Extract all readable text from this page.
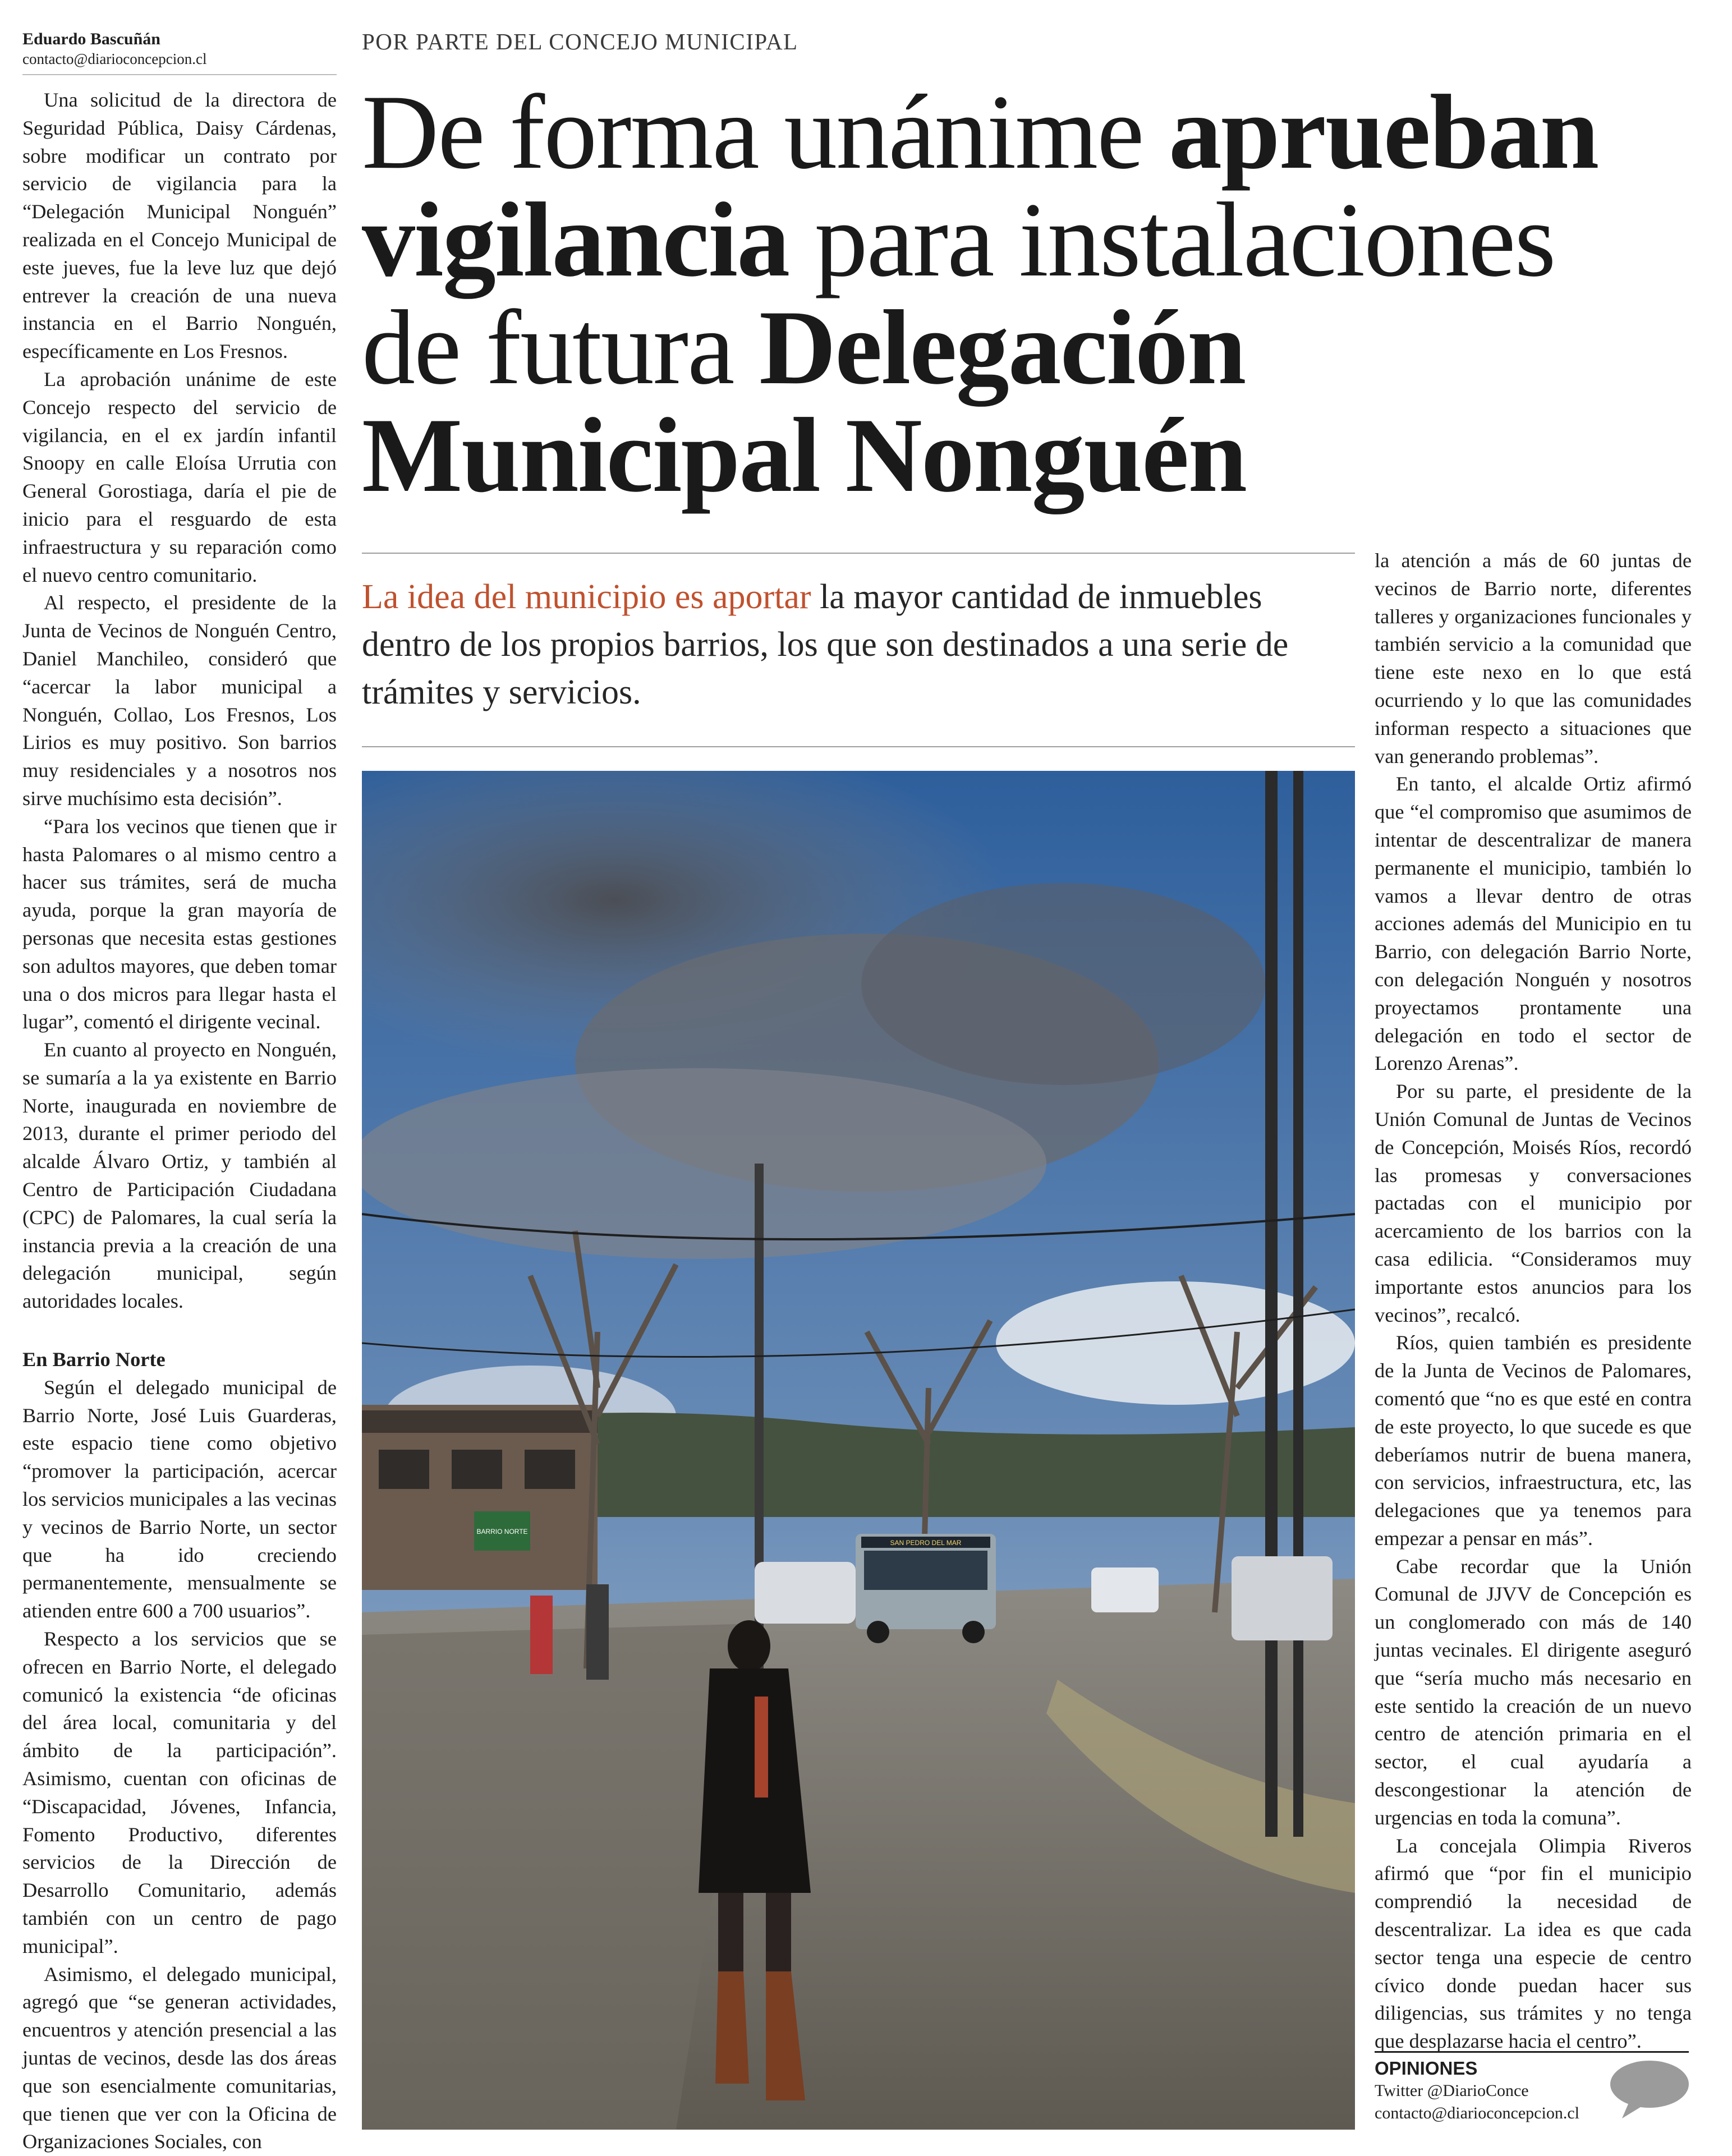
Eduardo Bascuñán

contacto@diarioconcepcion.cl

Una solicitud de la directora de Seguridad Pública, Daisy Cárdenas, sobre modificar un contrato por servicio de vigilancia para la “Delegación Municipal Nonguén” realizada en el Concejo Municipal de este jueves, fue la leve luz que dejó entrever la creación de una nueva instancia en el Barrio Nonguén, específicamente en Los Fresnos.

La aprobación unánime de este Concejo respecto del servicio de vigilancia, en el ex jardín infantil Snoopy en calle Eloísa Urrutia con General Gorostiaga, daría el pie de inicio para el resguardo de esta infraestructura y su reparación como el nuevo centro comunitario.

Al respecto, el presidente de la Junta de Vecinos de Nonguén Centro, Daniel Manchileo, consideró que “acercar la labor municipal a Nonguén, Collao, Los Fresnos, Los Lirios es muy positivo. Son barrios muy residenciales y a nosotros nos sirve muchísimo esta decisión”.

“Para los vecinos que tienen que ir hasta Palomares o al mismo centro a hacer sus trámites, será de mucha ayuda, porque la gran mayoría de personas que necesita estas gestiones son adultos mayores, que deben tomar una o dos micros para llegar hasta el lugar”, comentó el dirigente vecinal.

En cuanto al proyecto en Nonguén, se sumaría a la ya existente en Barrio Norte, inaugurada en noviembre de 2013, durante el primer periodo del alcalde Álvaro Ortiz, y también al Centro de Participación Ciudadana (CPC) de Palomares, la cual sería la instancia previa a la creación de una delegación municipal, según autoridades locales.

En Barrio Norte

Según el delegado municipal de Barrio Norte, José Luis Guarderas, este espacio tiene como objetivo “promover la participación, acercar los servicios municipales a las vecinas y vecinos de Barrio Norte, un sector que ha ido creciendo permanentemente, mensualmente se atienden entre 600 a 700 usuarios”.

Respecto a los servicios que se ofrecen en Barrio Norte, el delegado comunicó la existencia “de oficinas del área local, comunitaria y del ámbito de la participación”. Asimismo, cuentan con oficinas de “Discapacidad, Jóvenes, Infancia, Fomento Productivo, diferentes servicios de la Dirección de Desarrollo Comunitario, además también con un centro de pago municipal”.

Asimismo, el delegado municipal, agregó que “se generan actividades, encuentros y atención presencial a las juntas de vecinos, desde las dos áreas que son esencialmente comunitarias, que tienen que ver con la Oficina de Organizaciones Sociales, con

POR PARTE DEL CONCEJO MUNICIPAL
De forma unánime aprueban vigilancia para instalaciones de futura Delegación Municipal Nonguén
La idea del municipio es aportar la mayor cantidad de inmuebles dentro de los propios barrios, los que son destinados a una serie de trámites y servicios.
BARRIO NORTE
SAN PEDRO DEL MAR

la atención a más de 60 juntas de vecinos de Barrio norte, diferentes talleres y organizaciones funcionales y también servicio a la comunidad que tiene este nexo en lo que está ocurriendo y lo que las comunidades informan respecto a situaciones que van generando problemas”.

En tanto, el alcalde Ortiz afirmó que “el compromiso que asumimos de intentar de descentralizar de manera permanente el municipio, también lo vamos a llevar dentro de otras acciones además del Municipio en tu Barrio, con delegación Barrio Norte, con delegación Nonguén y nosotros proyectamos prontamente una delegación en todo el sector de Lorenzo Arenas”.

Por su parte, el presidente de la Unión Comunal de Juntas de Vecinos de Concepción, Moisés Ríos, recordó las promesas y conversaciones pactadas con el municipio por acercamiento de los barrios con la casa edilicia. “Consideramos muy importante estos anuncios para los vecinos”, recalcó.

Ríos, quien también es presidente de la Junta de Vecinos de Palomares, comentó que “no es que esté en contra de este proyecto, lo que sucede es que deberíamos nutrir de buena manera, con servicios, infraestructura, etc, las delegaciones que ya tenemos para empezar a pensar en más”.

Cabe recordar que la Unión Comunal de JJVV de Concepción es un conglomerado con más de 140 juntas vecinales. El dirigente aseguró que “sería mucho más necesario en este sentido la creación de un nuevo centro de atención primaria en el sector, el cual ayudaría a descongestionar la atención de urgencias en toda la comuna”.

La concejala Olimpia Riveros afirmó que “por fin el municipio comprendió la necesidad de descentralizar. La idea es que cada sector tenga una especie de centro cívico donde puedan hacer sus diligencias, sus trámites y no tenga que desplazarse hacia el centro”.

OPINIONES
Twitter @DiarioConce
contacto@diarioconcepcion.cl
